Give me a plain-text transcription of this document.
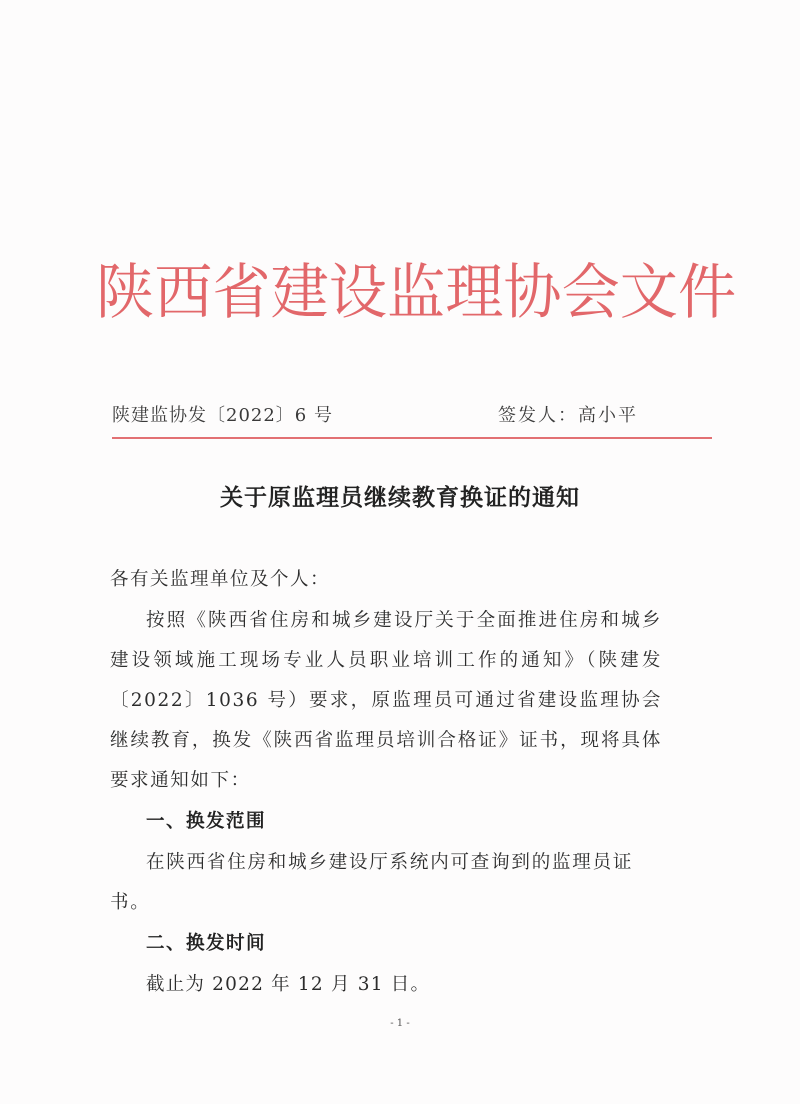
陕西省建设监理协会文件
陕建监协发〔2022〕6 号	签发人：高小平
关于原监理员继续教育换证的通知
各有关监理单位及个人：
按照《陕西省住房和城乡建设厅关于全面推进住房和城乡建设领域施工现场专业人员职业培训工作的通知》（陕建发〔2022〕1036 号）要求，原监理员可通过省建设监理协会继续教育，换发《陕西省监理员培训合格证》证书，现将具体要求通知如下：
一、换发范围
在陕西省住房和城乡建设厅系统内可查询到的监理员证书。
二、换发时间
截止为 2022 年 12 月 31 日。
- 1 -
